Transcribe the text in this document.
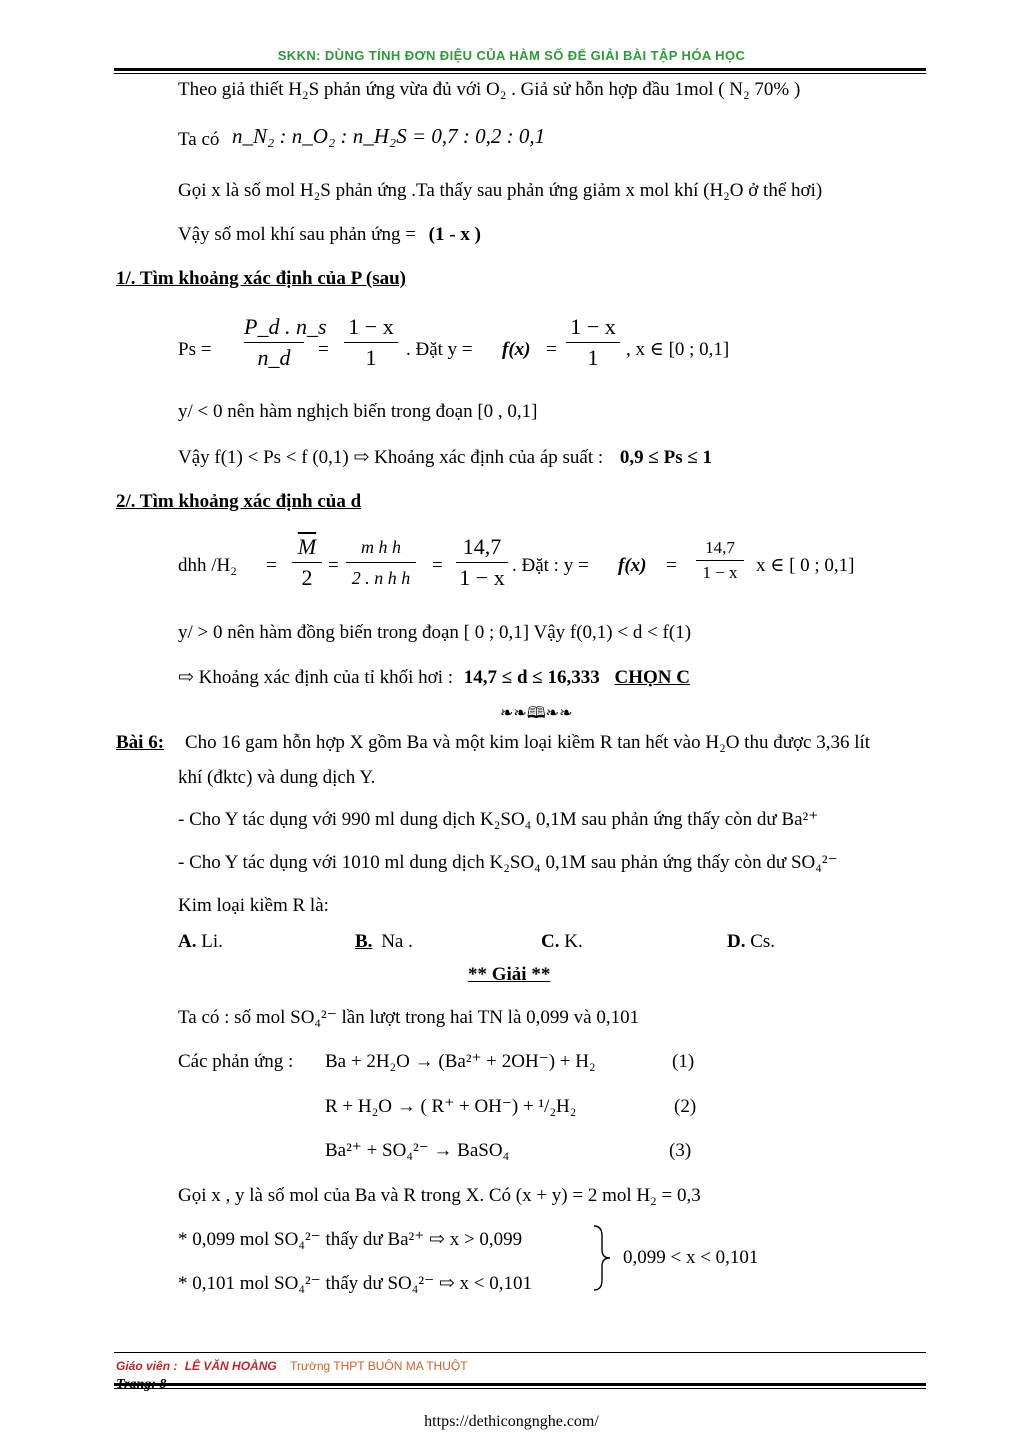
SKKN: DÙNG TÍNH ĐƠN ĐIỆU CỦA HÀM SỐ ĐỂ GIẢI BÀI TẬP HÓA HỌC
Theo giả thiết H₂S phản ứng vừa đủ với O₂ . Giả sử hỗn hợp đầu 1mol ( N₂ 70% )
Ta có n_N₂ : n_O₂ : n_H₂S = 0,7 : 0,2 : 0,1
Gọi x là số mol H₂S phản ứng .Ta thấy sau phản ứng giảm x mol khí (H₂O ở thể hơi)
Vậy số mol khí sau phản ứng = (1 - x )
1/. Tìm khoảng xác định của P (sau)
Ps =
P_d . n_s
n_d	=
1 − x
1	. Đặt y = f(x) =
1 − x
1	, x ∈ [0 ; 0,1]
y/ < 0 nên hàm nghịch biến trong đoạn [0 , 0,1]
Vậy f(1) < Ps < f (0,1) ⇨ Khoảng xác định của áp suất : 0,9 ≤ Ps ≤ 1
2/. Tìm khoảng xác định của d
dhh /H₂ =
$\overline{M}$
2 =
m h h
2 . n h h
=
14,7
1 − x . Đặt : y = f(x) =
14,7
1 − x x ∈ [ 0 ; 0,1]
y/ > 0 nên hàm đồng biến trong đoạn [ 0 ; 0,1] Vậy f(0,1) < d < f(1)
⇨ Khoảng xác định của tỉ khối hơi : 14,7 ≤ d ≤ 16,333 CHỌN C
❧❧🕮❧❧
Bài 6: Cho 16 gam hỗn hợp X gồm Ba và một kim loại kiềm R tan hết vào H₂O thu được 3,36 lít
khí (đktc) và dung dịch Y.
- Cho Y tác dụng với 990 ml dung dịch K₂SO₄ 0,1M sau phản ứng thấy còn dư Ba²⁺
- Cho Y tác dụng với 1010 ml dung dịch K₂SO₄ 0,1M sau phản ứng thấy còn dư SO₄²⁻
Kim loại kiềm R là:
A. Li.	B. Na .	C. K.	D. Cs.
** Giải **
Ta có : số mol SO₄²⁻ lần lượt trong hai TN là 0,099 và 0,101
Các phản ứng : Ba + 2H₂O → (Ba²⁺ + 2OH⁻) + H₂	(1)
R + H₂O → ( R⁺ + OH⁻) + ¹/₂H₂	(2)
Ba²⁺ + SO₄²⁻ → BaSO₄	(3)
Gọi x , y là số mol của Ba và R trong X. Có (x + y) = 2 mol H₂ = 0,3
* 0,099 mol SO₄²⁻ thấy dư Ba²⁺ ⇨ x > 0,099
* 0,101 mol SO₄²⁻ thấy dư SO₄²⁻ ⇨ x < 0,101
0,099 < x < 0,101
Giáo viên : LÊ VĂN HOÀNG Trường THPT BUÔN MA THUỘT
Trang: 8
https://dethicongnghe.com/
